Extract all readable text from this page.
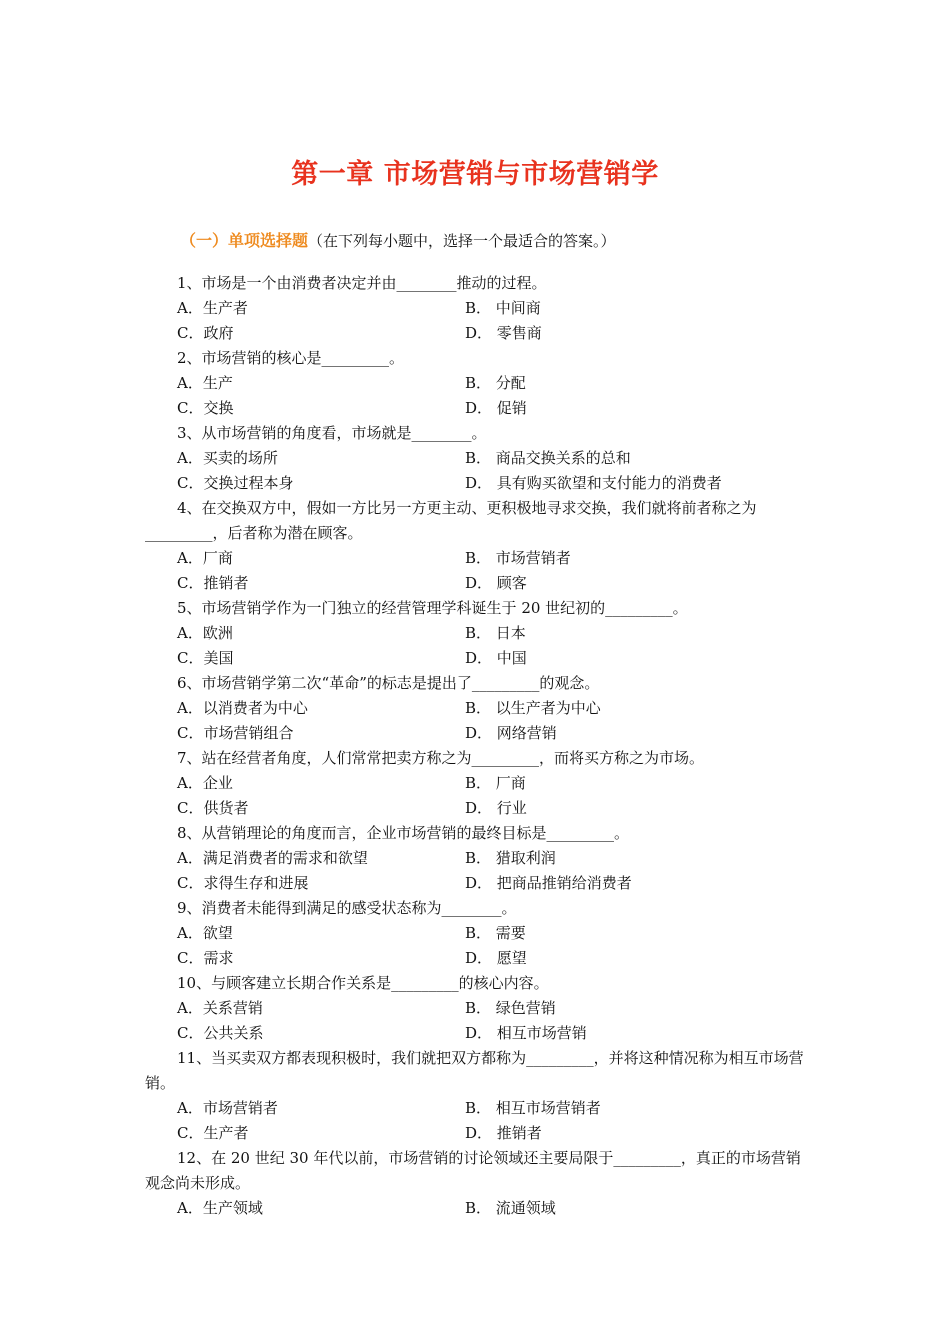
第一章 市场营销与市场营销学
（一）单项选择题（在下列每小题中，选择一个最适合的答案。）

1、市场是一个由消费者决定并由________推动的过程。

A．生产者	B． 中间商
C．政府	D． 零售商

2、市场营销的核心是_________。

A．生产	B． 分配
C．交换	D． 促销

3、从市场营销的角度看，市场就是________。

A．买卖的场所	B． 商品交换关系的总和
C．交换过程本身	D． 具有购买欲望和支付能力的消费者

4、在交换双方中，假如一方比另一方更主动、更积极地寻求交换，我们就将前者称之为_________，后者称为潜在顾客。

A．厂商	B． 市场营销者
C．推销者	D． 顾客

5、市场营销学作为一门独立的经营管理学科诞生于 20 世纪初的_________。

A．欧洲	B． 日本
C．美国	D． 中国

6、市场营销学第二次“革命”的标志是提出了_________的观念。

A．以消费者为中心	B． 以生产者为中心
C．市场营销组合	D． 网络营销

7、站在经营者角度，人们常常把卖方称之为_________，而将买方称之为市场。

A．企业	B． 厂商
C．供货者	D． 行业

8、从营销理论的角度而言，企业市场营销的最终目标是_________。

A．满足消费者的需求和欲望	B． 猎取利润
C．求得生存和进展	D． 把商品推销给消费者

9、消费者未能得到满足的感受状态称为________。

A．欲望	B． 需要
C．需求	D． 愿望

10、与顾客建立长期合作关系是_________的核心内容。

A．关系营销	B． 绿色营销
C．公共关系	D． 相互市场营销

11、当买卖双方都表现积极时，我们就把双方都称为_________，并将这种情况称为相互市场营销。

A．市场营销者	B． 相互市场营销者
C．生产者	D． 推销者

12、在 20 世纪 30 年代以前，市场营销的讨论领域还主要局限于_________，真正的市场营销观念尚未形成。

A．生产领域	B． 流通领域
